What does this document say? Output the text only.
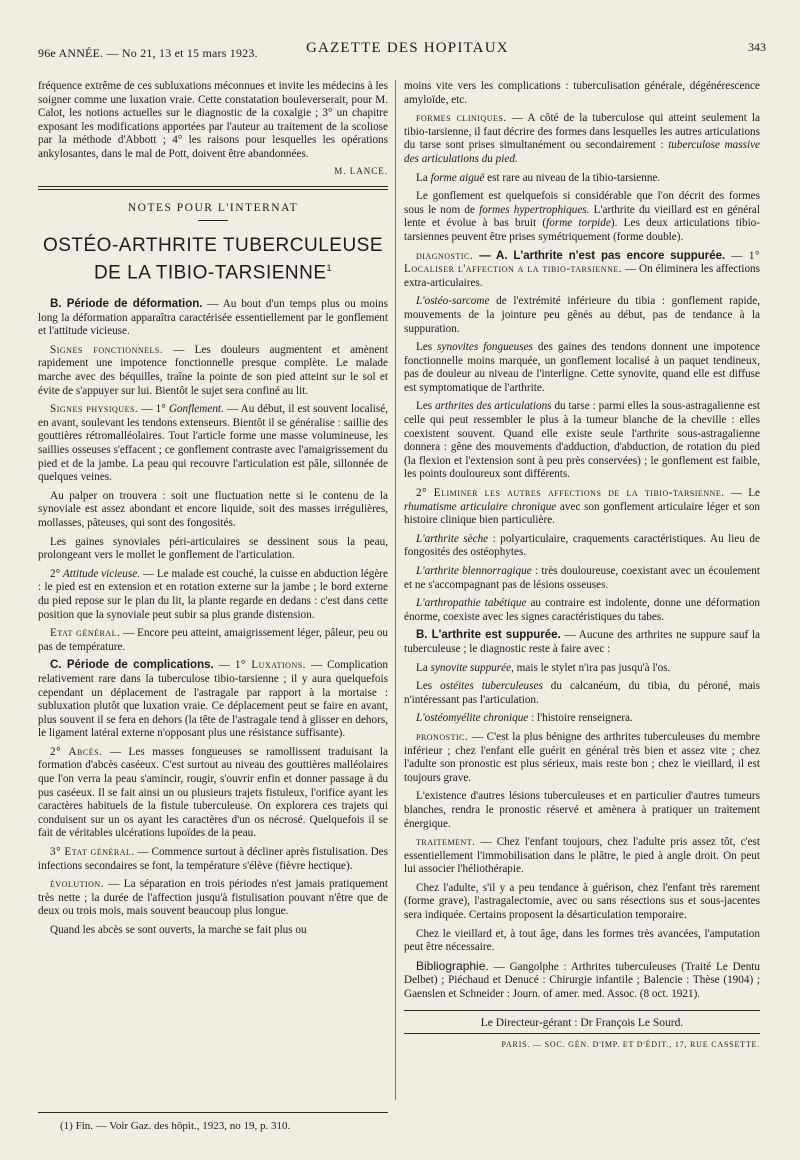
96e ANNÉE. — No 21, 13 et 15 mars 1923.	GAZETTE DES HOPITAUX	343

fréquence extrême de ces subluxations méconnues et invite les médecins à les soigner comme une luxation vraie. Cette constatation bouleverserait, pour M. Calot, les notions actuelles sur le diagnostic de la coxalgie ; 3° un chapitre exposant les modifications apportées par l'auteur au traitement de la scoliose par la méthode d'Abbott ; 4° les raisons pour lesquelles les opérations ankylosantes, dans le mal de Pott, doivent être abandonnées.

M. LANCE.
NOTES POUR L'INTERNAT
OSTÉO-ARTHRITE TUBERCULEUSE
DE LA TIBIO-TARSIENNE$^1$

B. Période de déformation. — Au bout d'un temps plus ou moins long la déformation apparaîtra caractérisée essentiellement par le gonflement et l'attitude vicieuse.

Signes fonctionnels. — Les douleurs augmentent et amènent rapidement une impotence fonctionnelle presque complète. Le malade marche avec des béquilles, traîne la pointe de son pied atteint sur le sol et évite de s'appuyer sur lui. Bientôt le sujet sera confiné au lit.

Signes physiques. — 1° Gonflement. — Au début, il est souvent localisé, en avant, soulevant les tendons extenseurs. Bientôt il se généralise : saillie des gouttières rétromalléolaires. Tout l'article forme une masse volumineuse, les saillies osseuses s'effacent ; ce gonflement contraste avec l'amaigrissement du pied et de la jambe. La peau qui recouvre l'articulation est pâle, sillonnée de quelques veines.

Au palper on trouvera : soit une fluctuation nette si le contenu de la synoviale est assez abondant et encore liquide, soit des masses irrégulières, mollasses, pâteuses, qui sont des fongosités.

Les gaines synoviales péri-articulaires se dessinent sous la peau, prolongeant vers le mollet le gonflement de l'articulation.

2° Attitude vicieuse. — Le malade est couché, la cuisse en abduction légère : le pied est en extension et en rotation externe sur la jambe ; le bord externe du pied repose sur le plan du lit, la plante regarde en dedans : c'est dans cette position que la synoviale peut subir sa plus grande distension.

Etat général. — Encore peu atteint, amaigrissement léger, pâleur, peu ou pas de température.

C. Période de complications. — 1° Luxations. — Complication relativement rare dans la tuberculose tibio-tarsienne ; il y aura quelquefois cependant un déplacement de l'astragale par rapport à la mortaise : subluxation plutôt que luxation vraie. Ce déplacement peut se faire en avant, plus souvent il se fera en dehors (la tête de l'astragale tend à glisser en dehors, le ligament latéral externe n'opposant plus une résistance suffisante).

2° Abcès. — Les masses fongueuses se ramollissent traduisant la formation d'abcès caséeux. C'est surtout au niveau des gouttières malléolaires que l'on verra la peau s'amincir, rougir, s'ouvrir enfin et donner passage à du pus caséeux. Il se fait ainsi un ou plusieurs trajets fistuleux, l'orifice ayant les caractères habituels de la fistule tuberculeuse. On explorera ces trajets qui conduisent sur un os ayant les caractères d'un os nécrosé. Quelquefois il se fait de véritables ulcérations lupoïdes de la peau.

3° Etat général. — Commence surtout à décliner après fistulisation. Des infections secondaires se font, la température s'élève (fièvre hectique).

évolution. — La séparation en trois périodes n'est jamais pratiquement très nette ; la durée de l'affection jusqu'à fistulisation pouvant n'être que de deux ou trois mois, mais souvent beaucoup plus longue.

Quand les abcès se sont ouverts, la marche se fait plus ou

(1) Fin. — Voir Gaz. des hôpit., 1923, no 19, p. 310.

moins vite vers les complications : tuberculisation générale, dégénérescence amyloïde, etc.

formes cliniques. — A côté de la tuberculose qui atteint seulement la tibio-tarsienne, il faut décrire des formes dans lesquelles les autres articulations du tarse sont prises simultanément ou secondairement : tuberculose massive des articulations du pied.

La forme aiguë est rare au niveau de la tibio-tarsienne.

Le gonflement est quelquefois si considérable que l'on décrit des formes sous le nom de formes hypertrophiques. L'arthrite du vieillard est en général lente et évolue à bas bruit (forme torpide). Les deux articulations tibio-tarsiennes peuvent être prises symétriquement (forme double).

diagnostic. — A. L'arthrite n'est pas encore suppurée. — 1° Localiser l'affection a la tibio-tarsienne. — On éliminera les affections extra-articulaires.

L'ostéo-sarcome de l'extrémité inférieure du tibia : gonflement rapide, mouvements de la jointure peu gênés au début, pas de tendance à la suppuration.

Les synovites fongueuses des gaines des tendons donnent une impotence fonctionnelle moins marquée, un gonflement localisé à un paquet tendineux, pas de douleur au niveau de l'interligne. Cette synovite, quand elle est diffuse est symptomatique de l'arthrite.

Les arthrites des articulations du tarse : parmi elles la sous-astragalienne est celle qui peut ressembler le plus à la tumeur blanche de la cheville : elles coexistent souvent. Quand elle existe seule l'arthrite sous-astragalienne donnera : gêne des mouvements d'adduction, d'abduction, de rotation du pied (la flexion et l'extension sont à peu près conservées) ; le gonflement est faible, les points douloureux sont différents.

2° Eliminer les autres affections de la tibio-tarsienne. — Le rhumatisme articulaire chronique avec son gonflement articulaire léger et son histoire clinique bien particulière.

L'arthrite sèche : polyarticulaire, craquements caractéristiques. Au lieu de fongosités des ostéophytes.

L'arthrite blennorragique : très douloureuse, coexistant avec un écoulement et ne s'accompagnant pas de lésions osseuses.

L'arthropathie tabétique au contraire est indolente, donne une déformation énorme, coexiste avec les signes caractéristiques du tabes.

B. L'arthrite est suppurée. — Aucune des arthrites ne suppure sauf la tuberculeuse ; le diagnostic reste à faire avec :

La synovite suppurée, mais le stylet n'ira pas jusqu'à l'os.

Les ostéites tuberculeuses du calcanéum, du tibia, du péroné, mais n'intéressant pas l'articulation.

L'ostéomyélite chronique : l'histoire renseignera.

pronostic. — C'est la plus bénigne des arthrites tuberculeuses du membre inférieur ; chez l'enfant elle guérit en général très bien et assez vite ; chez l'adulte son pronostic est plus sérieux, mais reste bon ; chez le vieillard, il est toujours grave.

L'existence d'autres lésions tuberculeuses et en particulier d'autres tumeurs blanches, rendra le pronostic réservé et amènera à pratiquer un traitement énergique.

traitement. — Chez l'enfant toujours, chez l'adulte pris assez tôt, c'est essentiellement l'immobilisation dans le plâtre, le pied à angle droit. On peut lui associer l'héliothérapie.

Chez l'adulte, s'il y a peu tendance à guérison, chez l'enfant très rarement (forme grave), l'astragalectomie, avec ou sans résections sus et sous-jacentes sera indiquée. Certains proposent la désarticulation temporaire.

Chez le vieillard et, à tout âge, dans les formes très avancées, l'amputation peut être nécessaire.

Bibliographie. — Gangolphe : Arthrites tuberculeuses (Traité Le Dentu Delbet) ; Piéchaud et Denucé : Chirurgie infantile ; Balencie : Thèse (1904) ; Gaenslen et Schneider : Journ. of amer. med. Assoc. (8 oct. 1921).

Le Directeur-gérant : Dr François Le Sourd.
PARIS. — SOC. GÉN. D'IMP. ET D'ÉDIT., 17, RUE CASSETTE.
